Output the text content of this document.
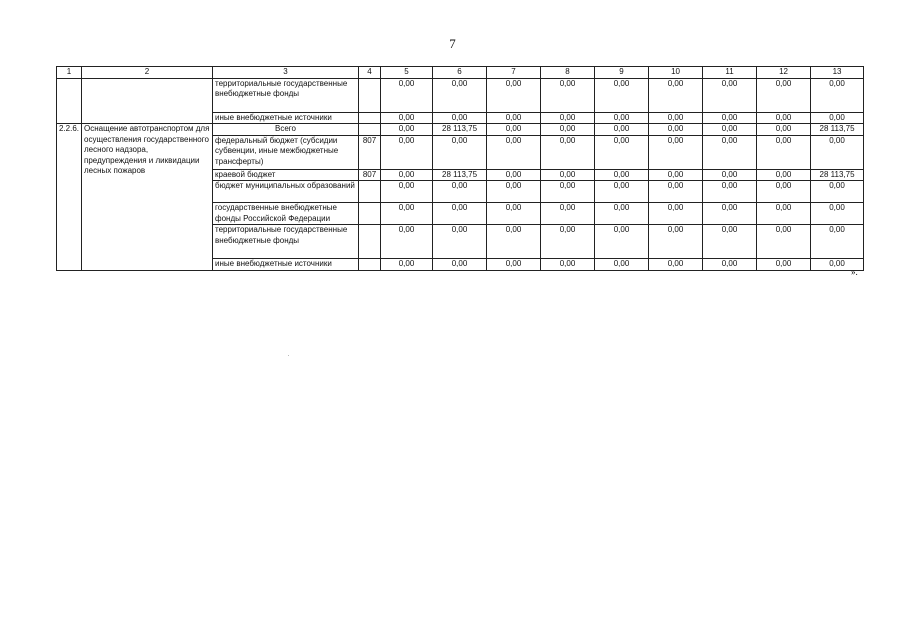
7
1	2	3	4	5	6	7	8	9	10	11	12	13
		территориальные государственные внебюджетные фонды		0,00	0,00	0,00	0,00	0,00	0,00	0,00	0,00	0,00
		иные внебюджетные источники		0,00	0,00	0,00	0,00	0,00	0,00	0,00	0,00	0,00
2.2.6.	Оснащение автотранспортом для осуществления государственного лесного надзора, предупреждения и ликвидации лесных пожаров	Всего		0,00	28 113,75	0,00	0,00	0,00	0,00	0,00	0,00	28 113,75
		федеральный бюджет (субсидии субвенции, иные межбюджетные трансферты)	807	0,00	0,00	0,00	0,00	0,00	0,00	0,00	0,00	0,00
		краевой бюджет	807	0,00	28 113,75	0,00	0,00	0,00	0,00	0,00	0,00	28 113,75
		бюджет муниципальных образований		0,00	0,00	0,00	0,00	0,00	0,00	0,00	0,00	0,00
		государственные внебюджетные фонды Российской Федерации		0,00	0,00	0,00	0,00	0,00	0,00	0,00	0,00	0,00
		территориальные государственные внебюджетные фонды		0,00	0,00	0,00	0,00	0,00	0,00	0,00	0,00	0,00
		иные внебюджетные источники		0,00	0,00	0,00	0,00	0,00	0,00	0,00	0,00	0,00
».
